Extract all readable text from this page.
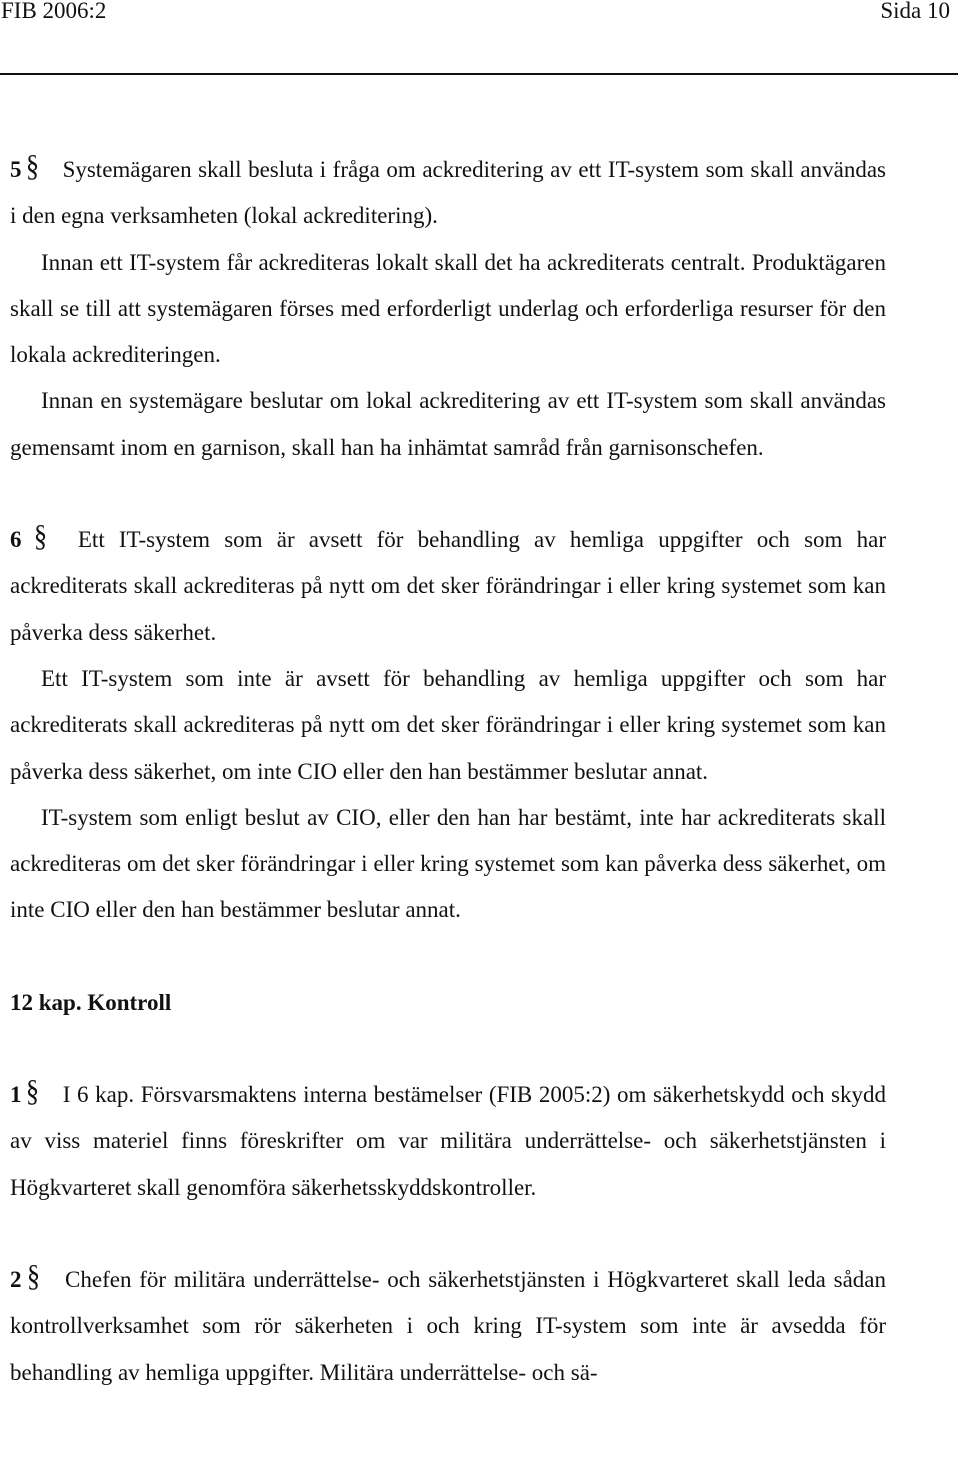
FIB 2006:2	Sida 10

5 § Systemägaren skall besluta i fråga om ackreditering av ett IT-system som skall användas i den egna verksamheten (lokal ackreditering).

Innan ett IT-system får ackrediteras lokalt skall det ha ackrediterats centralt. Produktägaren skall se till att systemägaren förses med erforderligt underlag och erforderliga resurser för den lokala ackrediteringen.

Innan en systemägare beslutar om lokal ackreditering av ett IT-system som skall användas gemensamt inom en garnison, skall han ha inhämtat samråd från garnisonschefen.

6 § Ett IT-system som är avsett för behandling av hemliga uppgifter och som har ackrediterats skall ackrediteras på nytt om det sker förändringar i eller kring systemet som kan påverka dess säkerhet.

Ett IT-system som inte är avsett för behandling av hemliga uppgifter och som har ackrediterats skall ackrediteras på nytt om det sker förändringar i eller kring systemet som kan påverka dess säkerhet, om inte CIO eller den han bestämmer beslutar annat.

IT-system som enligt beslut av CIO, eller den han har bestämt, inte har ackrediterats skall ackrediteras om det sker förändringar i eller kring systemet som kan påverka dess säkerhet, om inte CIO eller den han bestämmer beslutar annat.

12 kap. Kontroll

1 § I 6 kap. Försvarsmaktens interna bestämelser (FIB 2005:2) om säkerhetskydd och skydd av viss materiel finns föreskrifter om var militära underrättelse- och säkerhetstjänsten i Högkvarteret skall genomföra säkerhetsskyddskontroller.

2 § Chefen för militära underrättelse- och säkerhetstjänsten i Högkvarteret skall leda sådan kontrollverksamhet som rör säkerheten i och kring IT-system som inte är avsedda för behandling av hemliga uppgifter. Militära underrättelse- och sä-
